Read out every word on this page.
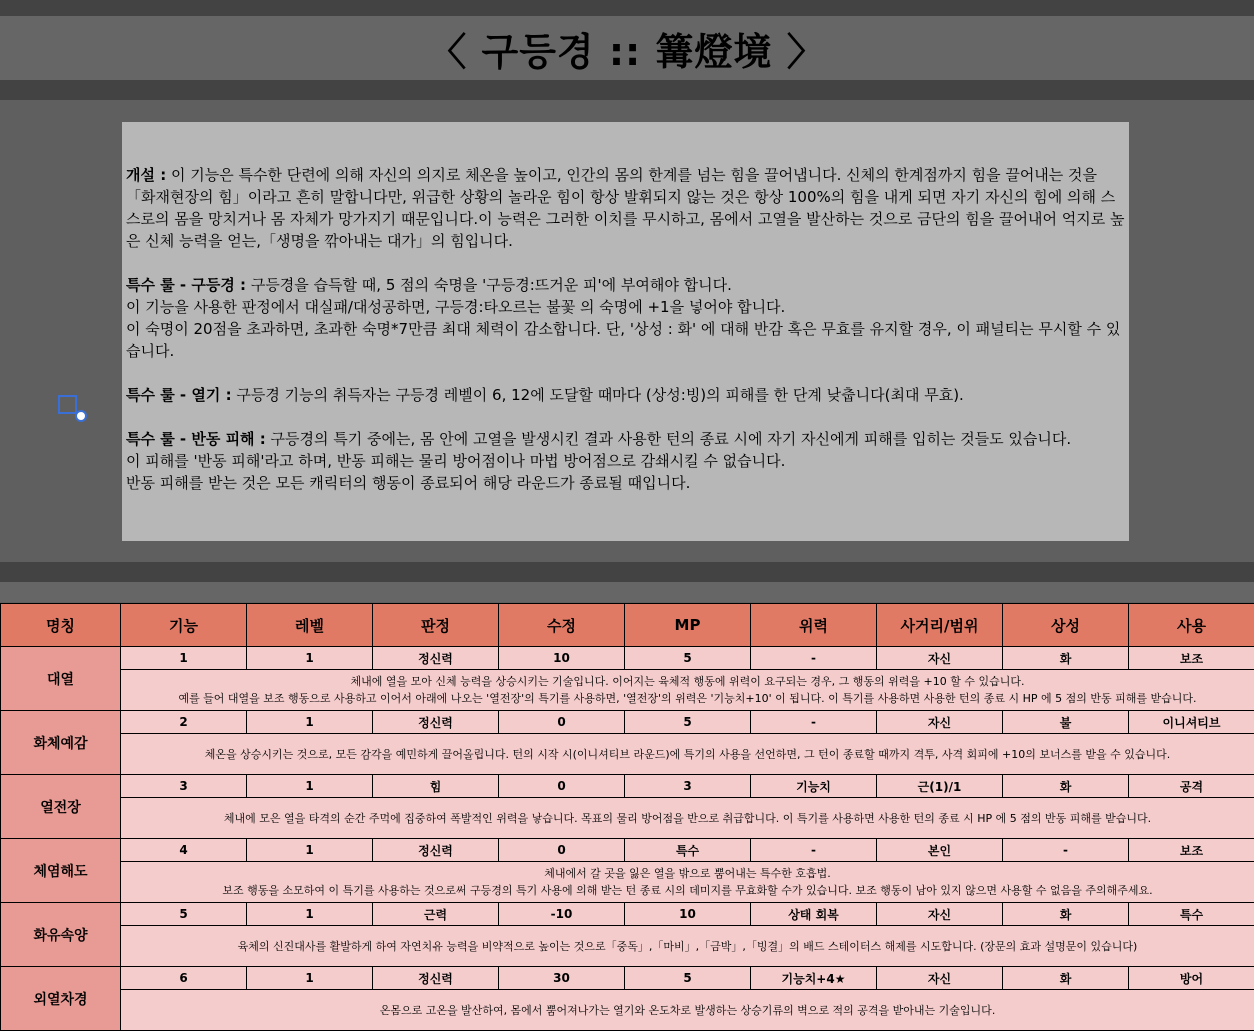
〈 구등경 :: 篝燈境 〉

개설 : 이 기능은 특수한 단련에 의해 자신의 의지로 체온을 높이고, 인간의 몸의 한계를 넘는 힘을 끌어냅니다. 신체의 한계점까지 힘을 끌어내는 것을「화재현장의 힘」이라고 흔히 말합니다만, 위급한 상황의 놀라운 힘이 항상 발휘되지 않는 것은 항상 100%의 힘을 내게 되면 자기 자신의 힘에 의해 스스로의 몸을 망치거나 몸 자체가 망가지기 때문입니다.이 능력은 그러한 이치를 무시하고, 몸에서 고열을 발산하는 것으로 금단의 힘을 끌어내어 억지로 높은 신체 능력을 얻는,「생명을 깎아내는 대가」의 힘입니다.

특수 룰 - 구등경 : 구등경을 습득할 때, 5 점의 숙명을 '구등경:뜨거운 피'에 부여해야 합니다.

이 기능을 사용한 판정에서 대실패/대성공하면, 구등경:타오르는 불꽃 의 숙명에 +1을 넣어야 합니다.

이 숙명이 20점을 초과하면, 초과한 숙명*7만큼 최대 체력이 감소합니다. 단, '상성 : 화' 에 대해 반감 혹은 무효를 유지할 경우, 이 패널티는 무시할 수 있습니다.

특수 룰 - 열기 : 구등경 기능의 취득자는 구등경 레벨이 6, 12에 도달할 때마다 (상성:빙)의 피해를 한 단계 낮춥니다(최대 무효).

특수 룰 - 반동 피해 : 구등경의 특기 중에는, 몸 안에 고열을 발생시킨 결과 사용한 턴의 종료 시에 자기 자신에게 피해를 입히는 것들도 있습니다.

이 피해를 '반동 피해'라고 하며, 반동 피해는 물리 방어점이나 마법 방어점으로 감쇄시킬 수 없습니다.

반동 피해를 받는 것은 모든 캐릭터의 행동이 종료되어 해당 라운드가 종료될 때입니다.

명칭	기능	레벨	판정	수정	MP	위력	사거리/범위	상성	사용
대열	1	1	정신력	10	5	-	자신	화	보조

	체내에 열을 모아 신체 능력을 상승시키는 기술입니다. 이어지는 육체적 행동에 위력이 요구되는 경우, 그 행동의 위력을 +10 할 수 있습니다.
예를 들어 대열을 보조 행동으로 사용하고 이어서 아래에 나오는 '열전장'의 특기를 사용하면, '열전장'의 위력은 '기능치+10' 이 됩니다. 이 특기를 사용하면 사용한 턴의 종료 시 HP 에 5 점의 반동 피해를 받습니다.								

화체예감	2	1	정신력	0	5	-	자신	불	이니셔티브

	체온을 상승시키는 것으로, 모든 감각을 예민하게 끌어올립니다. 턴의 시작 시(이니셔티브 라운드)에 특기의 사용을 선언하면, 그 턴이 종료할 때까지 격투, 사격 회피에 +10의 보너스를 받을 수 있습니다.								

열전장	3	1	힘	0	3	기능치	근(1)/1	화	공격

	체내에 모은 열을 타격의 순간 주먹에 집중하여 폭발적인 위력을 낳습니다. 목표의 물리 방어점을 반으로 취급합니다. 이 특기를 사용하면 사용한 턴의 종료 시 HP 에 5 점의 반동 피해를 받습니다.								

체염해도	4	1	정신력	0	특수	-	본인	-	보조

	체내에서 갈 곳을 잃은 열을 밖으로 뿜어내는 특수한 호흡법.
보조 행동을 소모하여 이 특기를 사용하는 것으로써 구등경의 특기 사용에 의해 받는 턴 종료 시의 데미지를 무효화할 수가 있습니다. 보조 행동이 남아 있지 않으면 사용할 수 없음을 주의해주세요.								

화유속양	5	1	근력	-10	10	상태 회복	자신	화	특수

	육체의 신진대사를 활발하게 하여 자연치유 능력을 비약적으로 높이는 것으로「중독」,「마비」,「금박」,「빙결」의 배드 스테이터스 해제를 시도합니다. (장문의 효과 설명문이 있습니다)								

외열차경	6	1	정신력	30	5	기능치+4★	자신	화	방어

	온몸으로 고온을 발산하여, 몸에서 뿜어져나가는 열기와 온도차로 발생하는 상승기류의 벽으로 적의 공격을 받아내는 기술입니다.								
